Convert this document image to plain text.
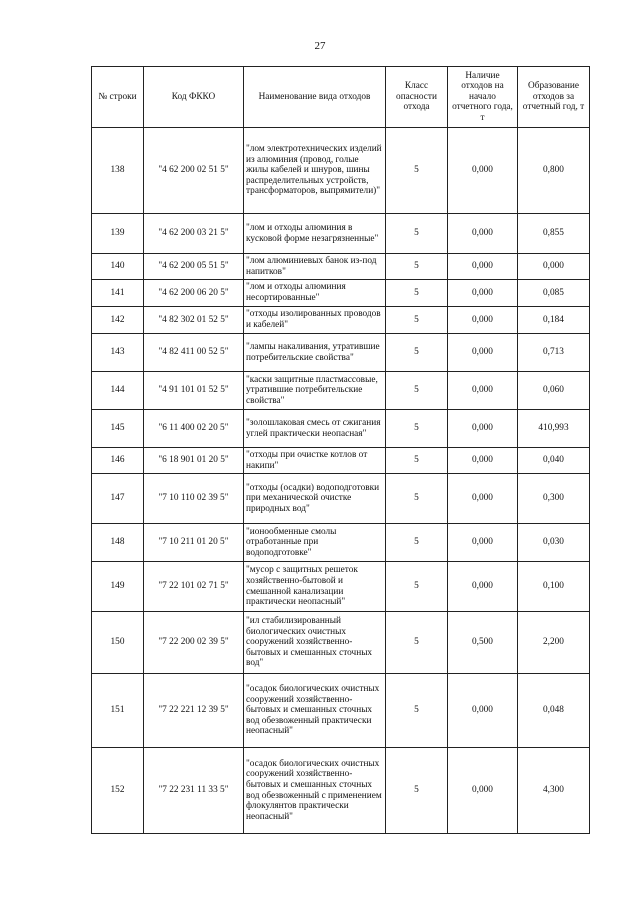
27
№ строки	Код ФККО	Наименование вида отходов	Класс опасности отхода	Наличие отходов на начало отчетного года, т	Образование отходов за отчетный год, т
138	"4 62 200 02 51 5"	"лом электротехнических изделий из алюминия (провод, голые жилы кабелей и шнуров, шины распределительных устройств, трансформаторов, выпрямители)"	5	0,000	0,800
139	"4 62 200 03 21 5"	"лом и отходы алюминия в кусковой форме незагрязненные"	5	0,000	0,855
140	"4 62 200 05 51 5"	"лом алюминиевых банок из-под напитков"	5	0,000	0,000
141	"4 62 200 06 20 5"	"лом и отходы алюминия несортированные"	5	0,000	0,085
142	"4 82 302 01 52 5"	"отходы изолированных проводов и кабелей"	5	0,000	0,184
143	"4 82 411 00 52 5"	"лампы накаливания, утратившие потребительские свойства"	5	0,000	0,713
144	"4 91 101 01 52 5"	"каски защитные пластмассовые, утратившие потребительские свойства"	5	0,000	0,060
145	"6 11 400 02 20 5"	"золошлаковая смесь от сжигания углей практически неопасная"	5	0,000	410,993
146	"6 18 901 01 20 5"	"отходы при очистке котлов от накипи"	5	0,000	0,040
147	"7 10 110 02 39 5"	"отходы (осадки) водоподготовки при механической очистке природных вод"	5	0,000	0,300
148	"7 10 211 01 20 5"	"ионообменные смолы отработанные при водоподготовке"	5	0,000	0,030
149	"7 22 101 02 71 5"	"мусор с защитных решеток хозяйственно-бытовой и смешанной канализации практически неопасный"	5	0,000	0,100
150	"7 22 200 02 39 5"	"ил стабилизированный биологических очистных сооружений хозяйственно-бытовых и смешанных сточных вод"	5	0,500	2,200
151	"7 22 221 12 39 5"	"осадок биологических очистных сооружений хозяйственно-бытовых и смешанных сточных вод обезвоженный практически неопасный"	5	0,000	0,048
152	"7 22 231 11 33 5"	"осадок биологических очистных сооружений хозяйственно-бытовых и смешанных сточных вод обезвоженный с применением флокулянтов практически неопасный"	5	0,000	4,300
